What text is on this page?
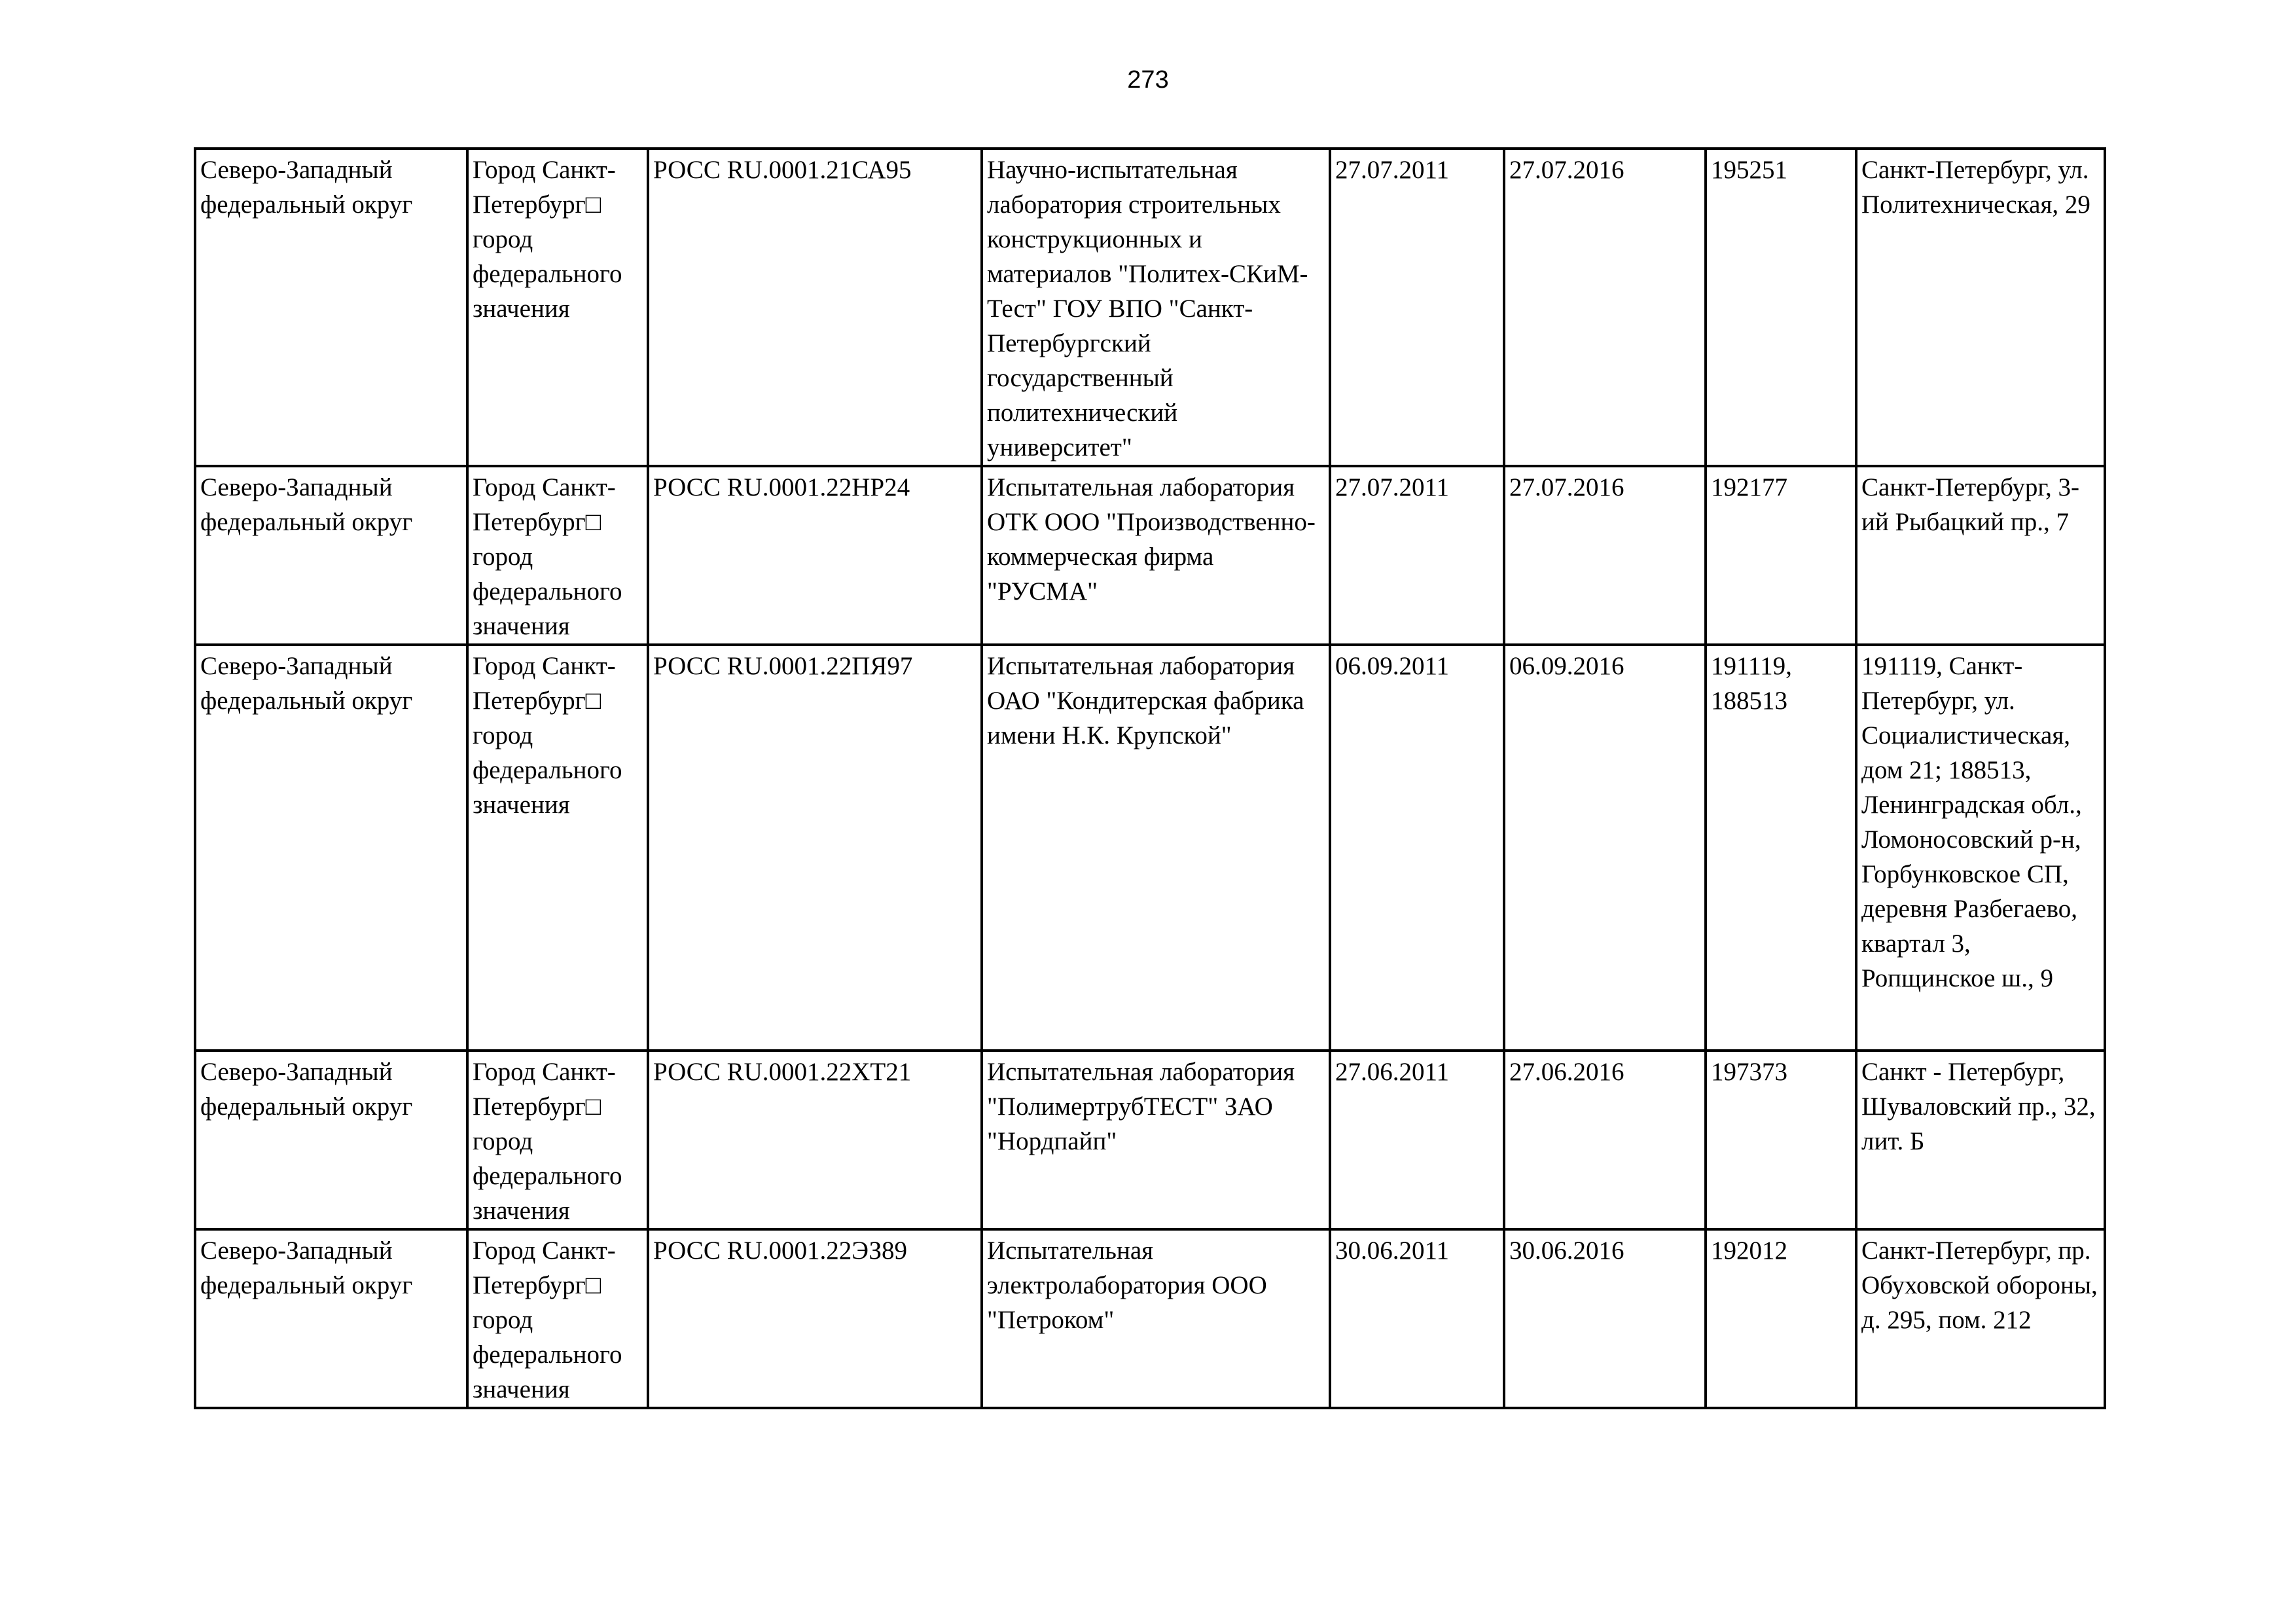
273
Северо-Западный федеральный округ	Город Санкт-
Петербург□
город
федерального
значения	РОСС RU.0001.21СА95	Научно-испытательная лаборатория строительных конструкционных и материалов "Политех-СКиМ-Тест" ГОУ ВПО "Санкт-Петербургский государственный политехнический университет"	27.07.2011	27.07.2016	195251	Санкт-Петербург, ул. Политехническая, 29

Северо-Западный федеральный округ	Город Санкт-
Петербург□
город
федерального
значения	РОСС RU.0001.22НР24	Испытательная лаборатория ОТК ООО "Производственно-коммерческая фирма "РУСМА"	27.07.2011	27.07.2016	192177	Санкт-Петербург, 3-ий Рыбацкий пр., 7

Северо-Западный федеральный округ	Город Санкт-
Петербург□
город
федерального
значения	РОСС RU.0001.22ПЯ97	Испытательная лаборатория ОАО "Кондитерская фабрика имени Н.К. Крупской"	06.09.2011	06.09.2016	191119,
188513	191119, Санкт-Петербург, ул. Социалистическая, дом 21; 188513, Ленинградская обл., Ломоносовский р-н, Горбунковское СП, деревня Разбегаево, квартал 3, Ропщинское ш., 9

Северо-Западный федеральный округ	Город Санкт-
Петербург□
город
федерального
значения	РОСС RU.0001.22ХТ21	Испытательная лаборатория "ПолимертрубТЕСТ" ЗАО "Нордпайп"	27.06.2011	27.06.2016	197373	Санкт - Петербург, Шуваловский пр., 32, лит. Б

Северо-Западный федеральный округ	Город Санкт-
Петербург□
город
федерального
значения	РОСС RU.0001.22ЭЗ89	Испытательная электролаборатория ООО "Петроком"	30.06.2011	30.06.2016	192012	Санкт-Петербург, пр. Обуховской обороны, д. 295, пом. 212
